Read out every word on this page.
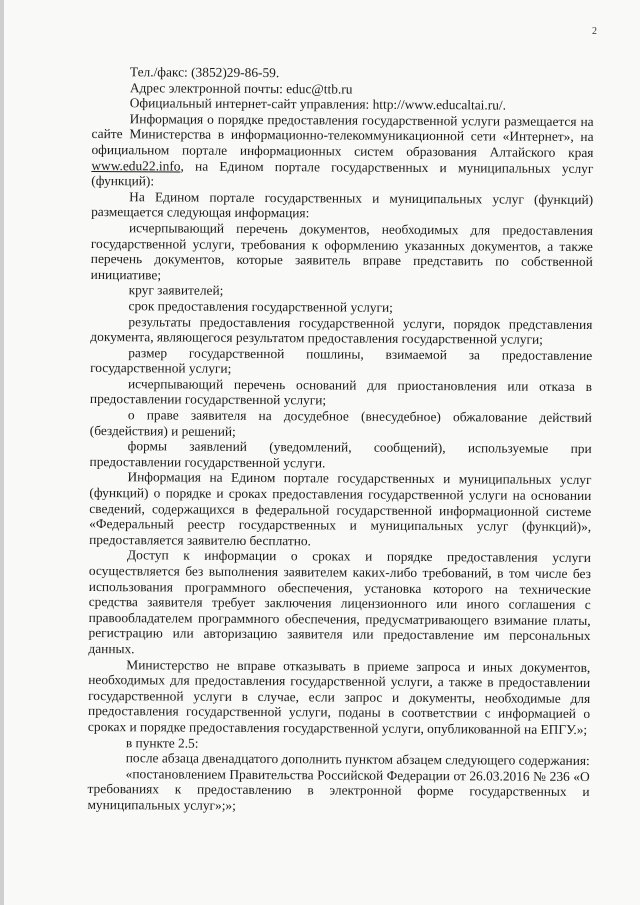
2

Тел./факс: (3852)29-86-59.

Адрес электронной почты: educ@ttb.ru

Официальный интернет-сайт управления: http://www.educaltai.ru/.

Информация о порядке предоставления государственной услуги размещается на сайте Министерства в информационно-телекоммуникационной сети «Интернет», на официальном портале информационных систем образования Алтайского края www.edu22.info, на Едином портале государственных и муниципальных услуг (функций):

На Едином портале государственных и муниципальных услуг (функций) размещается следующая информация:

исчерпывающий перечень документов, необходимых для предоставления государственной услуги, требования к оформлению указанных документов, а также перечень документов, которые заявитель вправе представить по собственной инициативе;

круг заявителей;

срок предоставления государственной услуги;

результаты предоставления государственной услуги, порядок представления документа, являющегося результатом предоставления государственной услуги;

размер государственной пошлины, взимаемой за предоставление государственной услуги;

исчерпывающий перечень оснований для приостановления или отказа в предоставлении государственной услуги;

о праве заявителя на досудебное (внесудебное) обжалование действий (бездействия) и решений;

формы заявлений (уведомлений, сообщений), используемые при предоставлении государственной услуги.

Информация на Едином портале государственных и муниципальных услуг (функций) о порядке и сроках предоставления государственной услуги на основании сведений, содержащихся в федеральной государственной информационной системе «Федеральный реестр государственных и муниципальных услуг (функций)», предоставляется заявителю бесплатно.

Доступ к информации о сроках и порядке предоставления услуги осуществляется без выполнения заявителем каких-либо требований, в том числе без использования программного обеспечения, установка которого на технические средства заявителя требует заключения лицензионного или иного соглашения с правообладателем программного обеспечения, предусматривающего взимание платы, регистрацию или авторизацию заявителя или предоставление им персональных данных.

Министерство не вправе отказывать в приеме запроса и иных документов, необходимых для предоставления государственной услуги, а также в предоставлении государственной услуги в случае, если запрос и документы, необходимые для предоставления государственной услуги, поданы в соответствии с информацией о сроках и порядке предоставления государственной услуги, опубликованной на ЕПГУ.»;

в пункте 2.5:

после абзаца двенадцатого дополнить пунктом абзацем следующего содержания:

«постановлением Правительства Российской Федерации от 26.03.2016 № 236 «О требованиях к предоставлению в электронной форме государственных и муниципальных услуг»;»;
